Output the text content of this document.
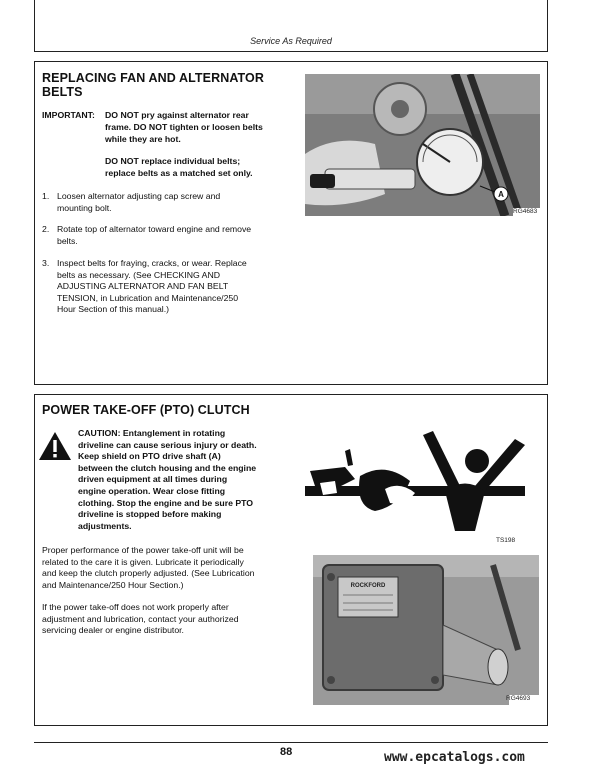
Service As Required
REPLACING FAN AND ALTERNATOR
BELTS
IMPORTANT: DO NOT pry against alternator rear
frame. DO NOT tighten or loosen belts
while they are hot.
DO NOT replace individual belts;
replace belts as a matched set only.
1. Loosen alternator adjusting cap screw and
mounting bolt.
2. Rotate top of alternator toward engine and remove
belts.
3. Inspect belts for fraying, cracks, or wear. Replace
belts as necessary. (See CHECKING AND
ADJUSTING ALTERNATOR AND FAN BELT
TENSION, in Lubrication and Maintenance/250
Hour Section of this manual.)
A
RG4683
POWER TAKE-OFF (PTO) CLUTCH
CAUTION: Entanglement in rotating
driveline can cause serious injury or death.
Keep shield on PTO drive shaft (A)
between the clutch housing and the engine
driven equipment at all times during
engine operation. Wear close fitting
clothing. Stop the engine and be sure PTO
driveline is stopped before making
adjustments.
Proper performance of the power take-off unit will be
related to the care it is given. Lubricate it periodically
and keep the clutch properly adjusted. (See Lubrication
and Maintenance/250 Hour Section.)
If the power take-off does not work properly after
adjustment and lubrication, contact your authorized
servicing dealer or engine distributor.
TS198
ROCKFORD
RG4693
88	www.epcatalogs.com
